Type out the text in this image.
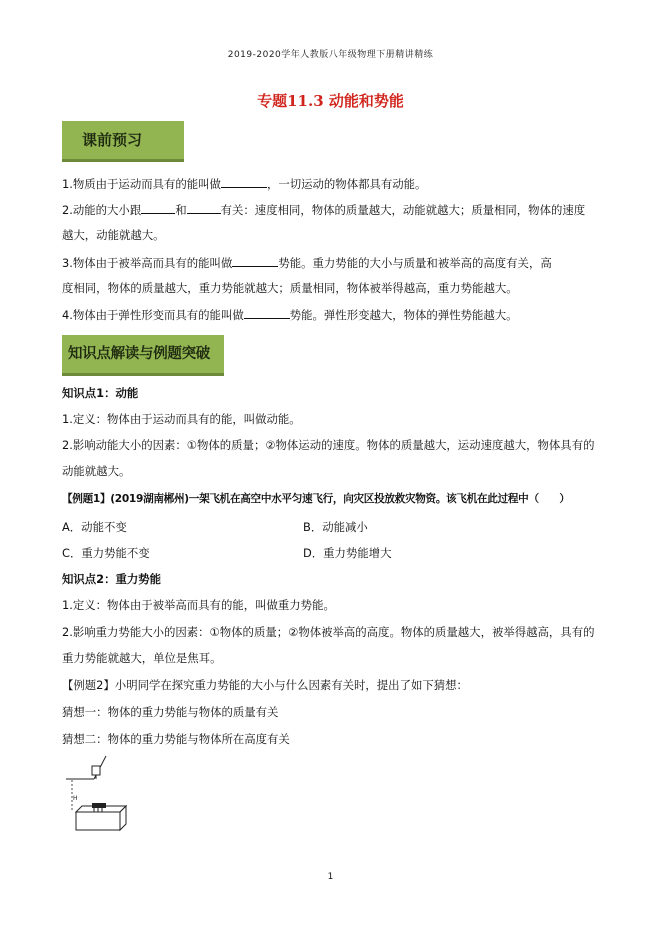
2019-2020学年人教版八年级物理下册精讲精练
专题11.3 动能和势能
课前预习
1.物质由于运动而具有的能叫做	，一切运动的物体都具有动能。
2.动能的大小跟	和	有关：速度相同，物体的质量越大，动能就越大；质量相同，物体的速度
越大，动能就越大。
3.物体由于被举高而具有的能叫做	势能。重力势能的大小与质量和被举高的高度有关，高
度相同，物体的质量越大，重力势能就越大；质量相同，物体被举得越高，重力势能越大。
4.物体由于弹性形变而具有的能叫做	势能。弹性形变越大，物体的弹性势能越大。
知识点解读与例题突破
知识点1：动能
1.定义：物体由于运动而具有的能，叫做动能。
2.影响动能大小的因素：①物体的质量；②物体运动的速度。物体的质量越大，运动速度越大，物体具有的
动能就越大。
【例题1】(2019湖南郴州)一架飞机在高空中水平匀速飞行，向灾区投放救灾物资。该飞机在此过程中（　　）
A．动能不变	B．动能减小
C．重力势能不变	D．重力势能增大
知识点2：重力势能
1.定义：物体由于被举高而具有的能，叫做重力势能。
2.影响重力势能大小的因素：①物体的质量；②物体被举高的高度。物体的质量越大，被举得越高，具有的
重力势能就越大，单位是焦耳。
【例题2】小明同学在探究重力势能的大小与什么因素有关时，提出了如下猜想：
猜想一：物体的重力势能与物体的质量有关
猜想二：物体的重力势能与物体所在高度有关
H
1
